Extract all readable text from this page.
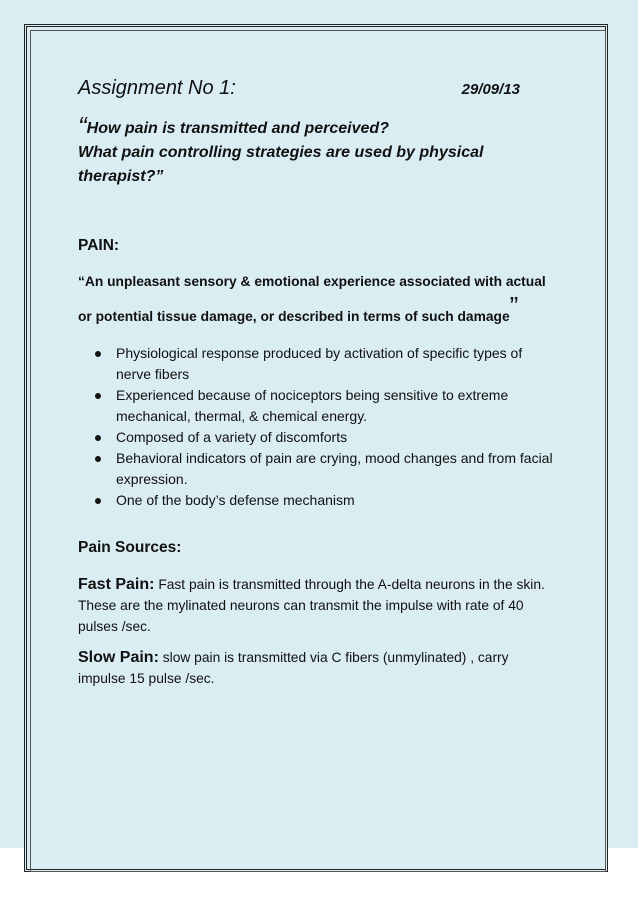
Assignment No 1:	29/09/13
“How pain is transmitted and perceived?
What pain controlling strategies are used by physical therapist?”
PAIN:
“An unpleasant sensory & emotional experience associated with actual or potential tissue damage, or described in terms of such damage”
Physiological response produced by activation of specific types of nerve fibers
Experienced because of nociceptors being sensitive to extreme mechanical, thermal, & chemical energy.
Composed of a variety of discomforts
Behavioral indicators of pain are crying, mood changes and from facial expression.
One of the body’s defense mechanism
Pain Sources:
Fast Pain: Fast pain is transmitted through the A-delta neurons in the skin. These are the mylinated neurons can transmit the impulse with rate of 40 pulses /sec.
Slow Pain: slow pain is transmitted via C fibers (unmylinated) , carry impulse 15 pulse /sec.
